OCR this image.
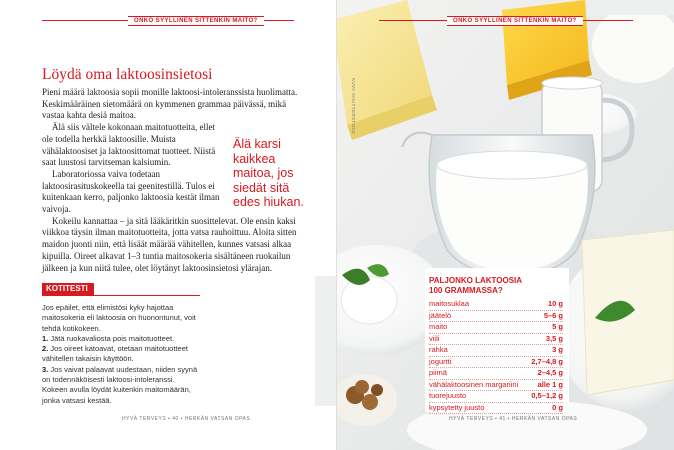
ONKO SYYLLINEN SITTENKIN MAITO?
Löydä oma laktoosinsietosi

Pieni määrä laktoosia sopii monille laktoosi-intoleranssista huolimatta. Keskimääräinen sietomäärä on kymmenen grammaa päivässä, mikä vastaa kahta desiä maitoa.

Älä siis vältele kokonaan maitotuotteita, ellet ole todella herkkä laktoosille. Muista vähälaktoosiset ja laktoosittomat tuotteet. Niistä saat luustosi tarvitseman kalsiumin.

Laboratoriossa vaiva todetaan laktoosirasituskokeella tai geenitestillä. Tulos ei kuitenkaan kerro, paljonko laktoosia kestät ilman vaivoja.

Kokeilu kannattaa – ja sitä lääkäritkin suosittelevat. Ole ensin kaksi viikkoa täysin ilman maitotuotteita, jotta vatsa rauhoittuu. Aloita sitten maidon juonti niin, että lisäät määrää vähitellen, kunnes vatsasi alkaa kipuilla. Oireet alkavat 1–3 tuntia maitosokeria sisältäneen ruokailun jälkeen ja kun niitä tulee, olet löytänyt laktoosinsietosi ylärajan.

Älä karsi kaikkea maitoa, jos siedät sitä edes hiukan.
KOTITESTI

Jos epäilet, että elimistösi kyky hajottaa maitosokeria eli laktoosia on huonontunut, voit tehdä kotikokeen.

1. Jätä ruokavaliosta pois maitotuotteet.

2. Jos oireet katoavat, otetaan maitotuotteet vähitellen takaisin käyttöön.

3. Jos vaivat palaavat uudestaan, niiden syynä on todennäköisesti laktoosi-intoleranssi. Kokeen avulla löydät kuitenkin maitomäärän, jonka vatsasi kestää.

HYVÄ TERVEYS ▪ 40 ▪ HERKÄN VATSAN OPAS
ONKO SYYLLINEN SITTENKIN MAITO?
KUVA SHUTTERSTOCK
PALJONKO LAKTOOSIA
100 GRAMMASSA?
maitosuklaa	10 g
jäätelö	5–6 g
maito	5 g
viili	3,5 g
rahka	3 g
jogurtti	2,7–4,8 g
piimä	2–4,5 g
vähälaktoosinen margariini	alle 1 g
tuorejuusto	0,5–1,2 g
kypsytetty juusto	0 g
HYVÄ TERVEYS ▪ 41 ▪ HERKÄN VATSAN OPAS
